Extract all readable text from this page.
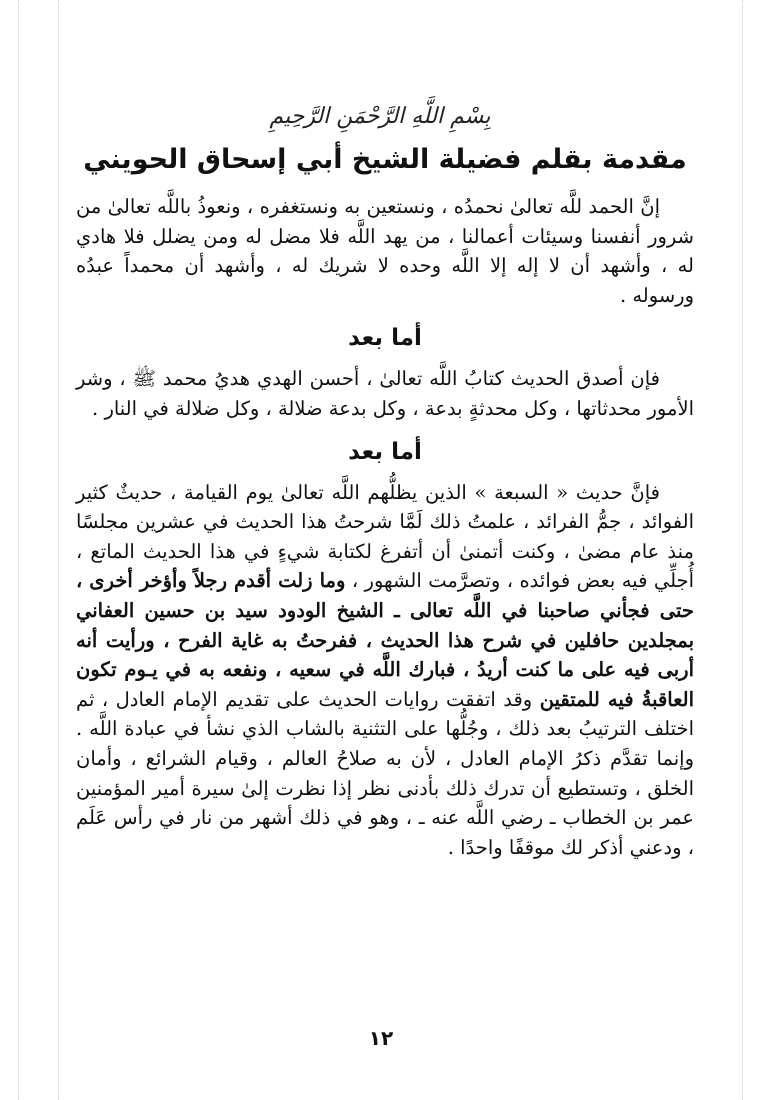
بِسْمِ اللَّهِ الرَّحْمَنِ الرَّحِيمِ
مقدمة بقلم فضيلة الشيخ أبي إسحاق الحويني

إنَّ الحمد للَّه تعالىٰ نحمدُه ، ونستعين به ونستغفره ، ونعوذُ باللَّه تعالىٰ من شرور أنفسنا وسيئات أعمالنا ، من يهد اللَّه فلا مضل له ومن يضلل فلا هادي له ، وأشهد أن لا إله إلا اللَّه وحده لا شريك له ، وأشهد أن محمداً عبدُه ورسوله .

أما بعد

فإن أصدق الحديث كتابُ اللَّه تعالىٰ ، أحسن الهدي هديُ محمد ﷺ ، وشر الأمور محدثاتها ، وكل محدثةٍ بدعة ، وكل بدعة ضلالة ، وكل ضلالة في النار .

أما بعد

فإنَّ حديث « السبعة » الذين يظلُّهم اللَّه تعالىٰ يوم القيامة ، حديثٌ كثير الفوائد ، جمُّ الفرائد ، علمتُ ذلك لَمَّا شرحتُ هذا الحديث في عشرين مجلسًا منذ عام مضىٰ ، وكنت أتمنىٰ أن أتفرغ لكتابة شيءٍ في هذا الحديث الماتع ، أُجلِّي فيه بعض فوائده ، وتصرَّمت الشهور ، وما زلت أقدم رجلاً وأؤخر أخرى ، حتى فجأني صاحبنا في اللَّه تعالى ـ الشيخ الودود سيد بن حسين العفاني بمجلدين حافلين في شرح هذا الحديث ، ففرحتُ به غاية الفرح ، ورأيت أنه أربى فيه على ما كنت أريدُ ، فبارك اللَّه في سعيه ، ونفعه به في يـوم تكون العاقبةُ فيه للمتقين وقد اتفقت روايات الحديث على تقديم الإمام العادل ، ثم اختلف الترتيبُ بعد ذلك ، وجُلُّها على التثنية بالشاب الذي نشأ في عبادة اللَّه . وإنما تقدَّم ذكرُ الإمام العادل ، لأن به صلاحُ العالم ، وقيام الشرائع ، وأمان الخلق ، وتستطيع أن تدرك ذلك بأدنى نظر إذا نظرت إلىٰ سيرة أمير المؤمنين عمر بن الخطاب ـ رضي اللَّه عنه ـ ، وهو في ذلك أشهر من نار في رأس عَلَم ، ودعني أذكر لك موقفًا واحدًا .

١٢
